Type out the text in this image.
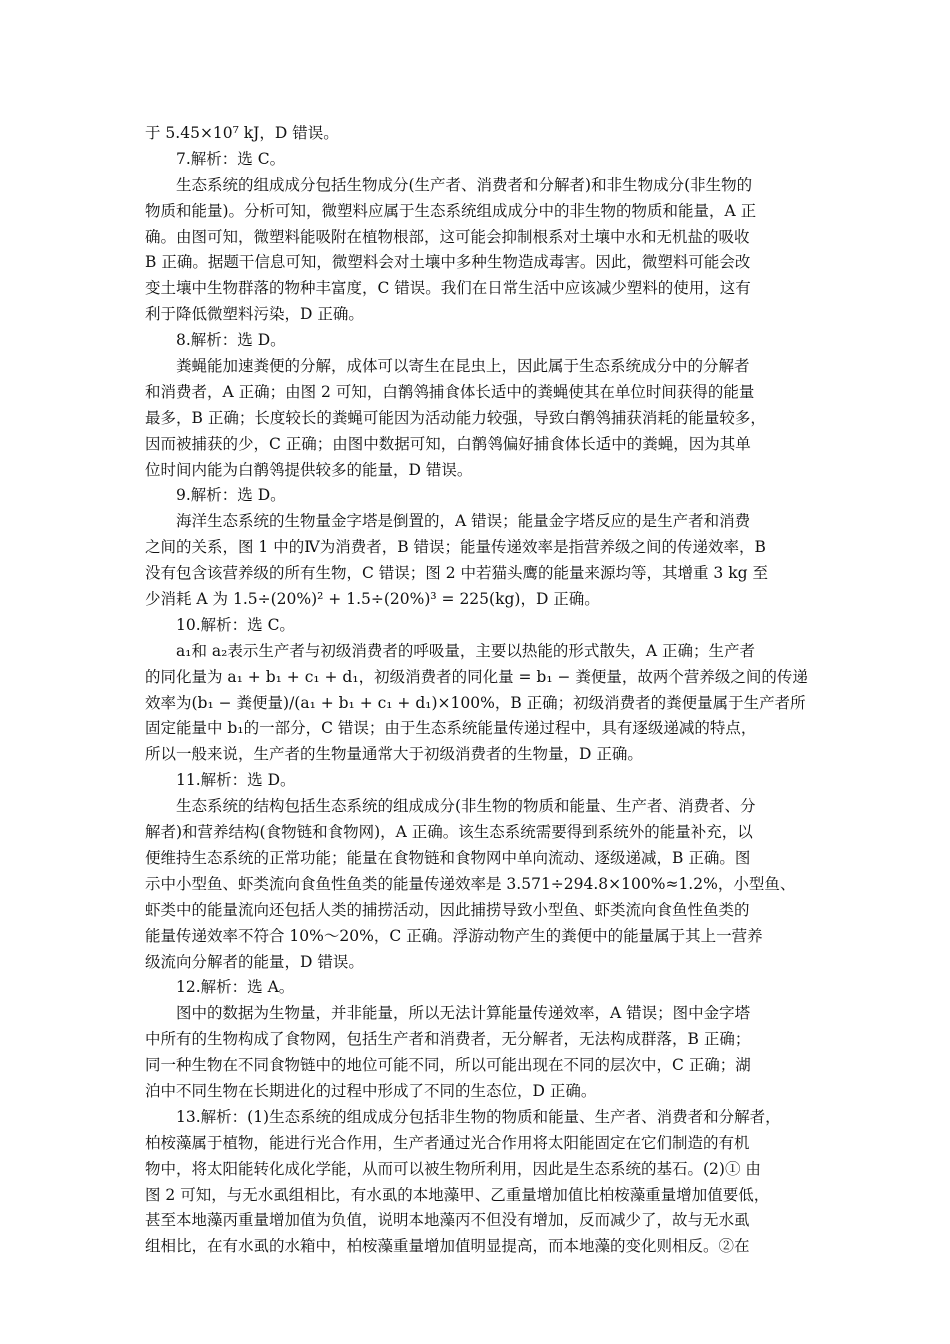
于 5.45×10⁷ kJ，D 错误。
7.解析：选 C。
生态系统的组成成分包括生物成分(生产者、消费者和分解者)和非生物成分(非生物的
物质和能量)。分析可知，微塑料应属于生态系统组成成分中的非生物的物质和能量，A 正
确。由图可知，微塑料能吸附在植物根部，这可能会抑制根系对土壤中水和无机盐的吸收
B 正确。据题干信息可知，微塑料会对土壤中多种生物造成毒害。因此，微塑料可能会改
变土壤中生物群落的物种丰富度，C 错误。我们在日常生活中应该减少塑料的使用，这有
利于降低微塑料污染，D 正确。
8.解析：选 D。
粪蝇能加速粪便的分解，成体可以寄生在昆虫上，因此属于生态系统成分中的分解者
和消费者，A 正确；由图 2 可知，白鹡鸰捕食体长适中的粪蝇使其在单位时间获得的能量
最多，B 正确；长度较长的粪蝇可能因为活动能力较强，导致白鹡鸰捕获消耗的能量较多，
因而被捕获的少，C 正确；由图中数据可知，白鹡鸰偏好捕食体长适中的粪蝇，因为其单
位时间内能为白鹡鸰提供较多的能量，D 错误。
9.解析：选 D。
海洋生态系统的生物量金字塔是倒置的，A 错误；能量金字塔反应的是生产者和消费
之间的关系，图 1 中的Ⅳ为消费者，B 错误；能量传递效率是指营养级之间的传递效率，B
没有包含该营养级的所有生物，C 错误；图 2 中若猫头鹰的能量来源均等，其增重 3 kg 至
少消耗 A 为 1.5÷(20%)² + 1.5÷(20%)³ = 225(kg)，D 正确。
10.解析：选 C。
a₁和 a₂表示生产者与初级消费者的呼吸量，主要以热能的形式散失，A 正确；生产者
的同化量为 a₁ + b₁ + c₁ + d₁，初级消费者的同化量 = b₁ − 粪便量，故两个营养级之间的传递
效率为(b₁ − 粪便量)/(a₁ + b₁ + c₁ + d₁)×100%，B 正确；初级消费者的粪便量属于生产者所
固定能量中 b₁的一部分，C 错误；由于生态系统能量传递过程中，具有逐级递减的特点，
所以一般来说，生产者的生物量通常大于初级消费者的生物量，D 正确。
11.解析：选 D。
生态系统的结构包括生态系统的组成成分(非生物的物质和能量、生产者、消费者、分
解者)和营养结构(食物链和食物网)，A 正确。该生态系统需要得到系统外的能量补充，以
便维持生态系统的正常功能；能量在食物链和食物网中单向流动、逐级递减，B 正确。图
示中小型鱼、虾类流向食鱼性鱼类的能量传递效率是 3.571÷294.8×100%≈1.2%，小型鱼、
虾类中的能量流向还包括人类的捕捞活动，因此捕捞导致小型鱼、虾类流向食鱼性鱼类的
能量传递效率不符合 10%～20%，C 正确。浮游动物产生的粪便中的能量属于其上一营养
级流向分解者的能量，D 错误。
12.解析：选 A。
图中的数据为生物量，并非能量，所以无法计算能量传递效率，A 错误；图中金字塔
中所有的生物构成了食物网，包括生产者和消费者，无分解者，无法构成群落，B 正确；
同一种生物在不同食物链中的地位可能不同，所以可能出现在不同的层次中，C 正确；湖
泊中不同生物在长期进化的过程中形成了不同的生态位，D 正确。
13.解析：(1)生态系统的组成成分包括非生物的物质和能量、生产者、消费者和分解者，
柏桉藻属于植物，能进行光合作用，生产者通过光合作用将太阳能固定在它们制造的有机
物中，将太阳能转化成化学能，从而可以被生物所利用，因此是生态系统的基石。(2)① 由
图 2 可知，与无水虱组相比，有水虱的本地藻甲、乙重量增加值比柏桉藻重量增加值要低，
甚至本地藻丙重量增加值为负值，说明本地藻丙不但没有增加，反而减少了，故与无水虱
组相比，在有水虱的水箱中，柏桉藻重量增加值明显提高，而本地藻的变化则相反。②在
